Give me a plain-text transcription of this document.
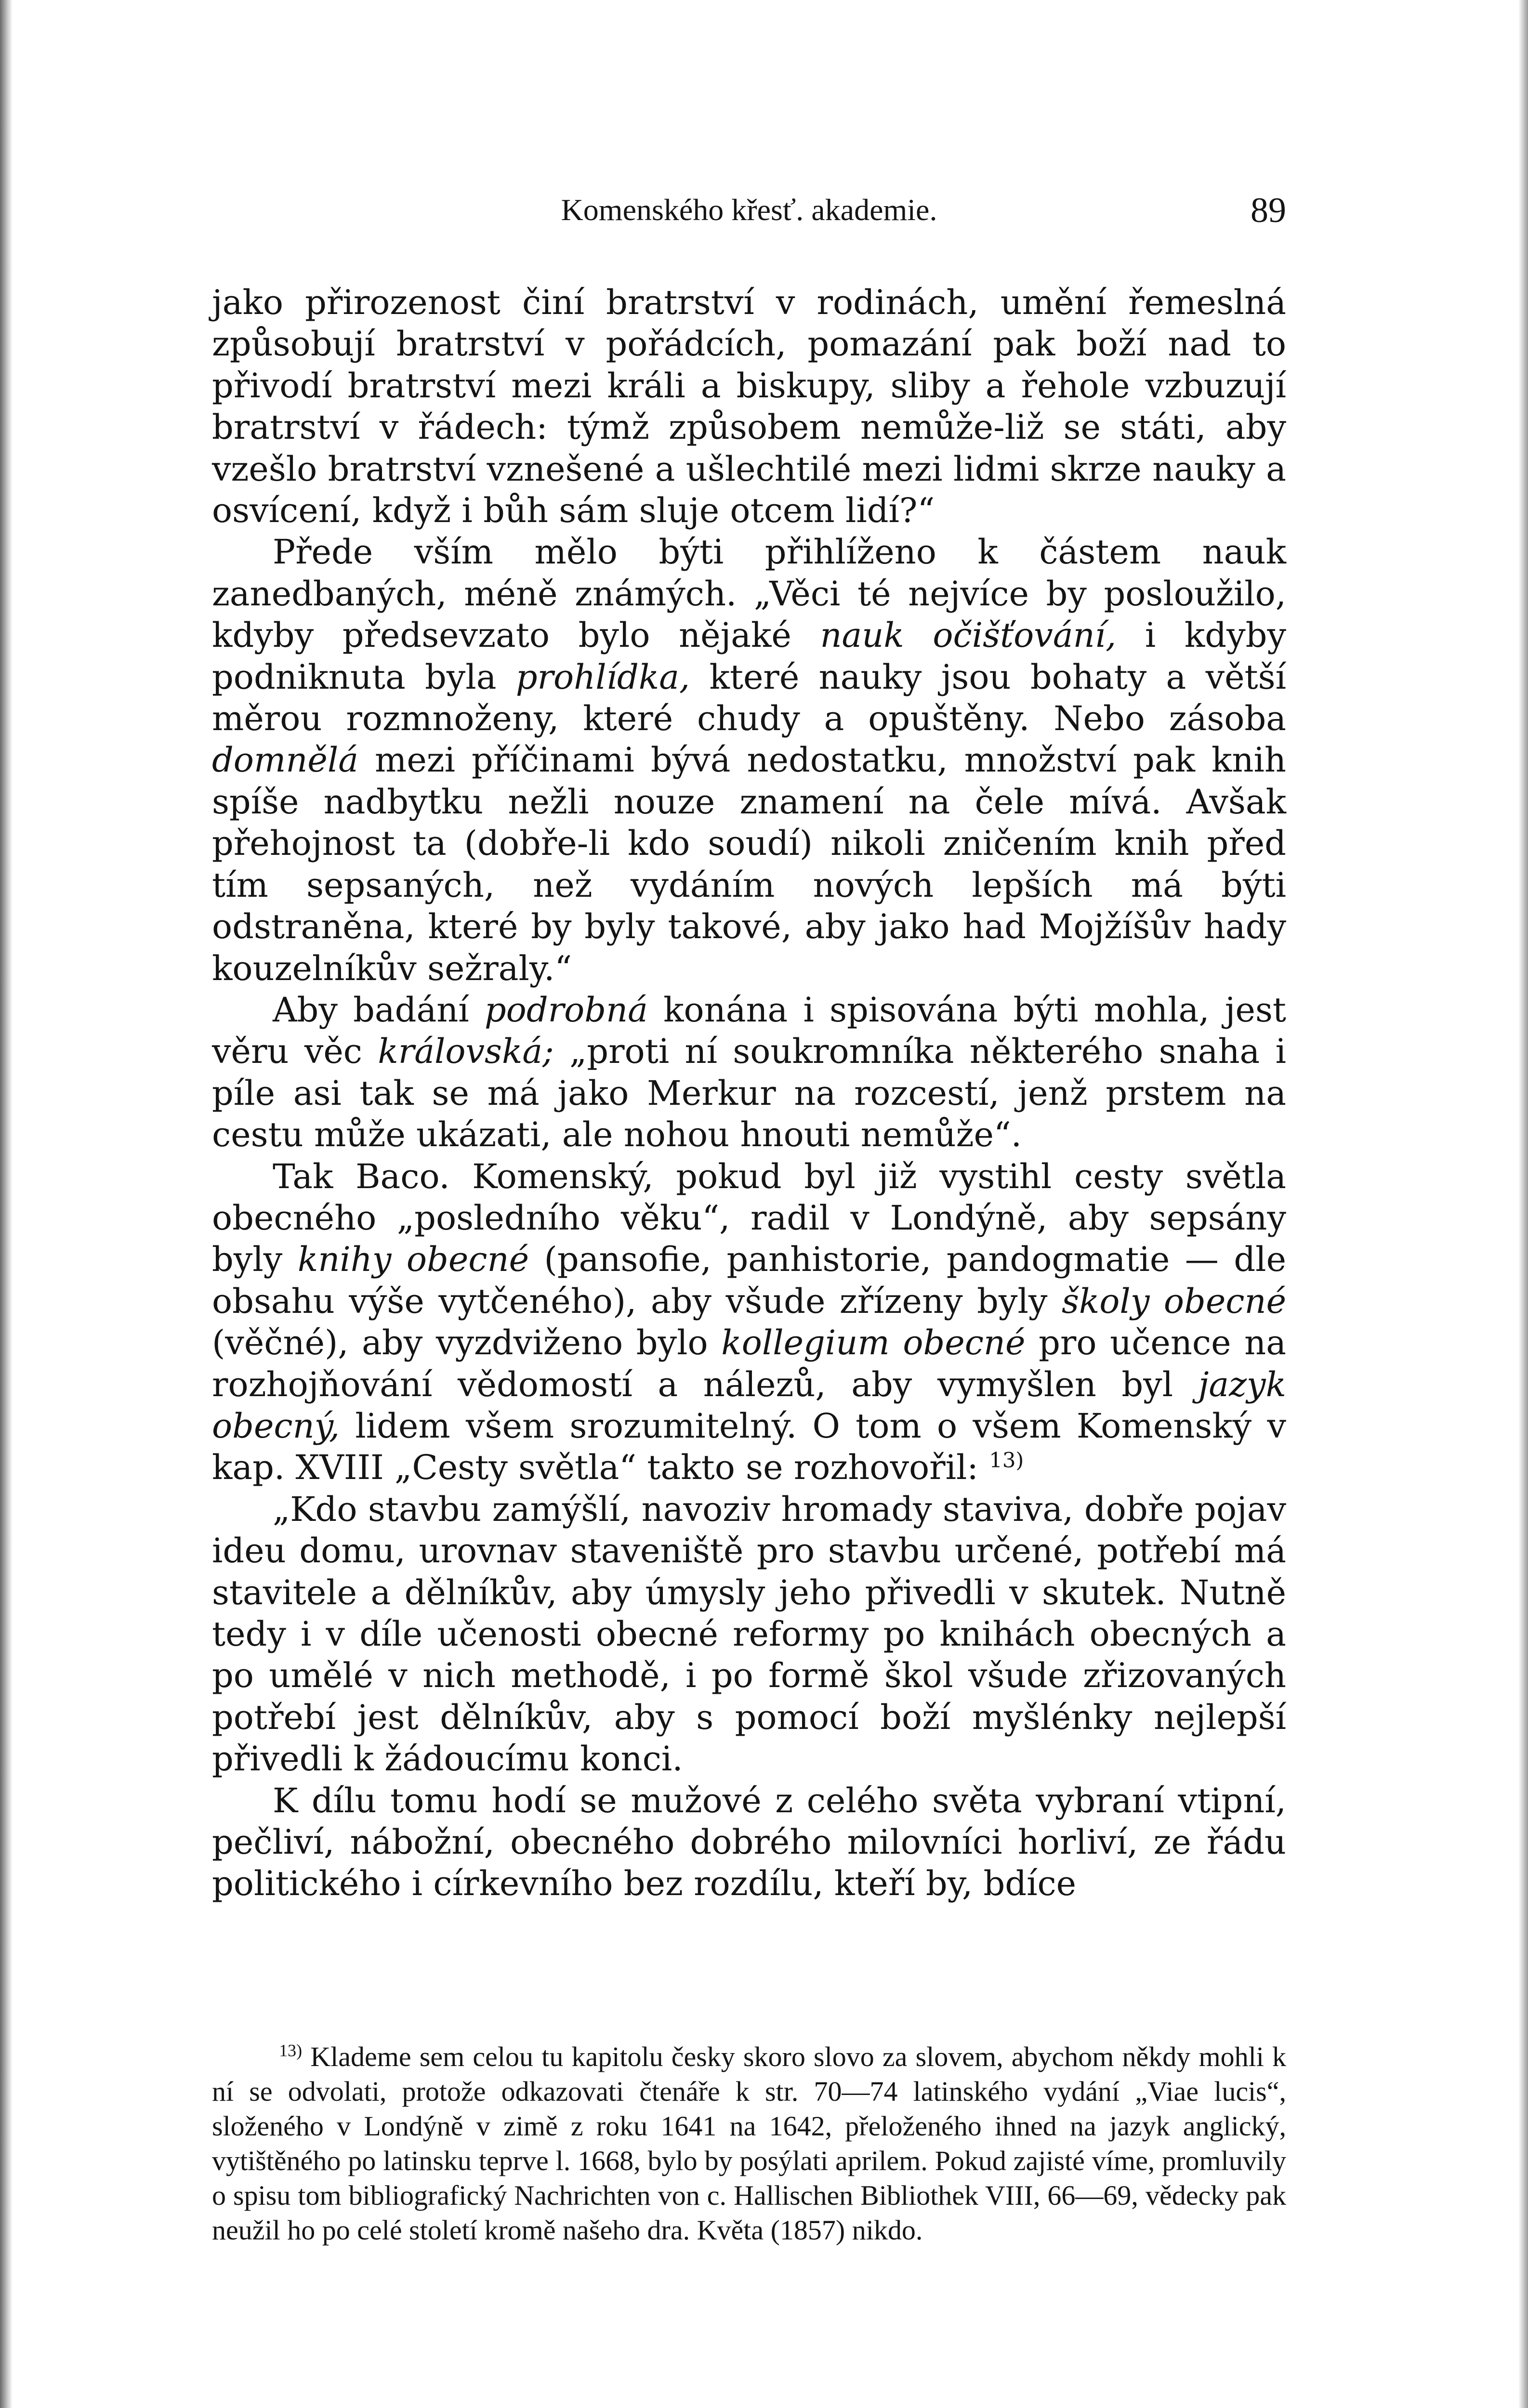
Komenského křesť. akademie.	89

jako přirozenost činí bratrství v rodinách, umění řemeslná způsobují bratrství v pořádcích, pomazání pak boží nad to přivodí bratrství mezi králi a biskupy, sliby a řehole vzbuzují bratrství v řádech: týmž způsobem nemůže-liž se státi, aby vzešlo bratrství vznešené a ušlechtilé mezi lidmi skrze nauky a osvícení, když i bůh sám sluje otcem lidí?“

Přede vším mělo býti přihlíženo k částem nauk zanedbaných, méně známých. „Věci té nejvíce by posloužilo, kdyby předsevzato bylo nějaké nauk očišťování, i kdyby podniknuta byla prohlídka, které nauky jsou bohaty a větší měrou rozmnoženy, které chudy a opuštěny. Nebo zásoba domnělá mezi příčinami bývá nedostatku, množství pak knih spíše nadbytku nežli nouze znamení na čele mívá. Avšak přehojnost ta (dobře-li kdo soudí) nikoli zničením knih před tím sepsaných, než vydáním nových lepších má býti odstraněna, které by byly takové, aby jako had Mojžíšův hady kouzelníkův sežraly.“

Aby badání podrobná konána i spisována býti mohla, jest věru věc královská; „proti ní soukromníka některého snaha i píle asi tak se má jako Merkur na rozcestí, jenž prstem na cestu může ukázati, ale nohou hnouti nemůže“.

Tak Baco. Komenský, pokud byl již vystihl cesty světla obecného „posledního věku“, radil v Londýně, aby sepsány byly knihy obecné (pansofie, panhistorie, pandogmatie — dle obsahu výše vytčeného), aby všude zřízeny byly školy obecné (věčné), aby vyzdviženo bylo kollegium obecné pro učence na rozhojňování vědomostí a nálezů, aby vymyšlen byl jazyk obecný, lidem všem srozumitelný. O tom o všem Komenský v kap. XVIII „Cesty světla“ takto se rozhovořil: $^{13)}$

„Kdo stavbu zamýšlí, navoziv hromady staviva, dobře pojav ideu domu, urovnav staveniště pro stavbu určené, potřebí má stavitele a dělníkův, aby úmysly jeho přivedli v skutek. Nutně tedy i v díle učenosti obecné reformy po knihách obecných a po umělé v nich methodě, i po formě škol všude zřizovaných potřebí jest dělníkův, aby s pomocí boží myšlénky nejlepší přivedli k žádoucímu konci.

K dílu tomu hodí se mužové z celého světa vybraní vtipní, pečliví, nábožní, obecného dobrého milovníci horliví, ze řádu politického i církevního bez rozdílu, kteří by, bdíce

$^{13)}$ Klademe sem celou tu kapitolu česky skoro slovo za slovem, abychom někdy mohli k ní se odvolati, protože odkazovati čtenáře k str. 70—74 latinského vydání „Viae lucis“, složeného v Londýně v zimě z roku 1641 na 1642, přeloženého ihned na jazyk anglický, vytištěného po latinsku teprve l. 1668, bylo by posýlati aprilem. Pokud zajisté víme, promluvily o spisu tom bibliografický Nachrichten von c. Hallischen Bibliothek VIII, 66—69, vědecky pak neužil ho po celé století kromě našeho dra. Květa (1857) nikdo.
